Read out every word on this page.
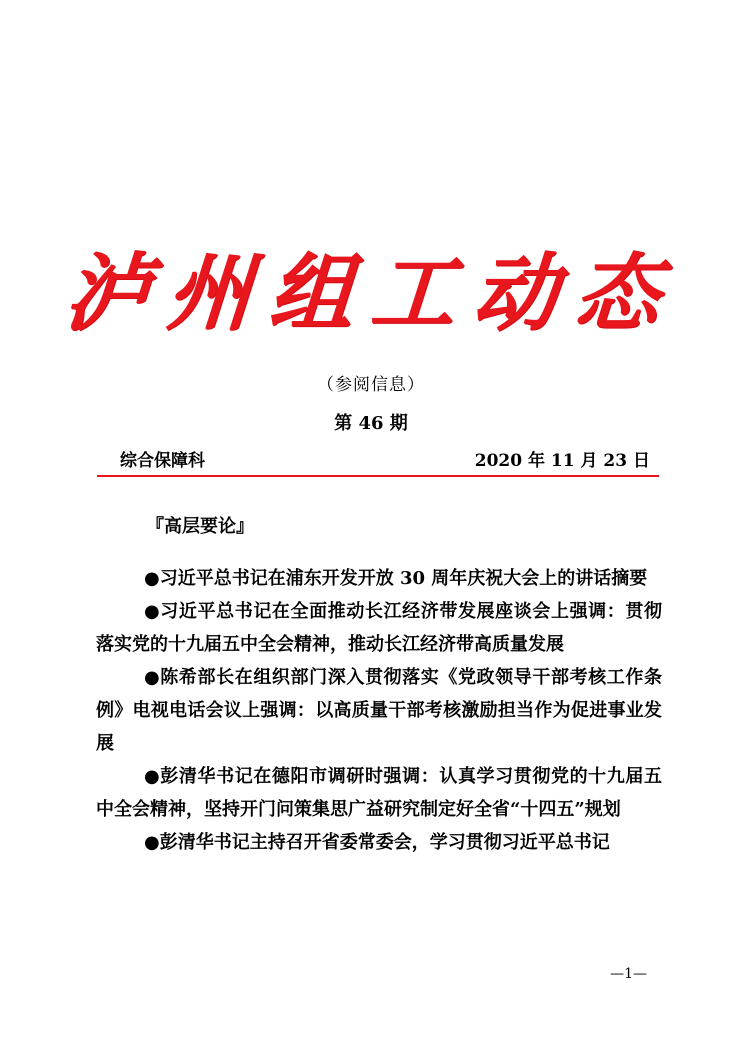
泸州组工动态
（参阅信息）
第 46 期
综合保障科	2020 年 11 月 23 日
『高层要论』

●习近平总书记在浦东开发开放 30 周年庆祝大会上的讲话摘要

●习近平总书记在全面推动长江经济带发展座谈会上强调：贯彻落实党的十九届五中全会精神，推动长江经济带高质量发展

●陈希部长在组织部门深入贯彻落实《党政领导干部考核工作条例》电视电话会议上强调：以高质量干部考核激励担当作为促进事业发展

●彭清华书记在德阳市调研时强调：认真学习贯彻党的十九届五中全会精神，坚持开门问策集思广益研究制定好全省“十四五”规划

●彭清华书记主持召开省委常委会，学习贯彻习近平总书记

—1—
